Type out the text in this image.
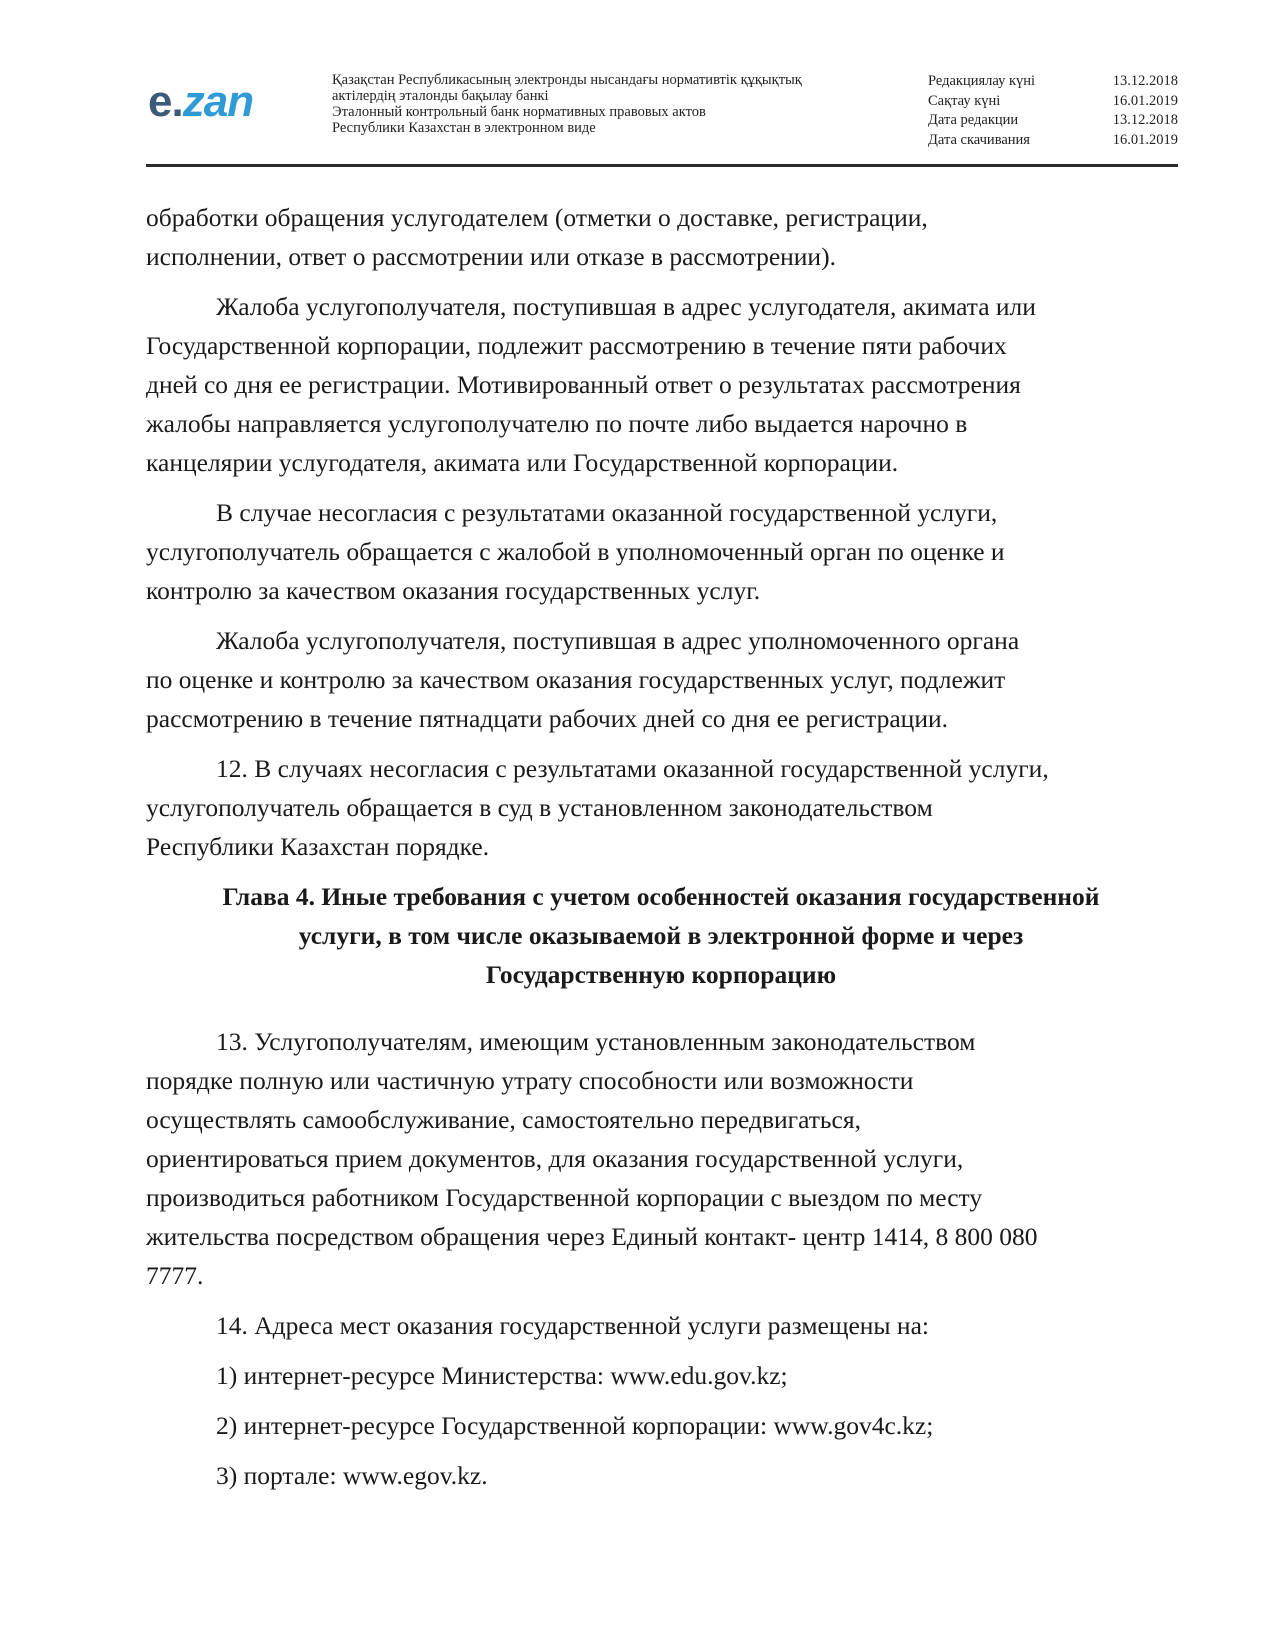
e.zan	Қазақстан Республикасының электронды нысандағы нормативтік құқықтық
актілердің эталонды бақылау банкі
Эталонный контрольный банк нормативных правовых актов
Республики Казахстан в электронном виде
Редакциялау күні	13.12.2018
Сақтау күні	16.01.2019
Дата редакции	13.12.2018
Дата скачивания	16.01.2019
обработки обращения услугодателем (отметки о доставке, регистрации,
исполнении, ответ о рассмотрении или отказе в рассмотрении).
Жалоба услугополучателя, поступившая в адрес услугодателя, акимата или
Государственной корпорации, подлежит рассмотрению в течение пяти рабочих
дней со дня ее регистрации. Мотивированный ответ о результатах рассмотрения
жалобы направляется услугополучателю по почте либо выдается нарочно в
канцелярии услугодателя, акимата или Государственной корпорации.
В случае несогласия с результатами оказанной государственной услуги,
услугополучатель обращается с жалобой в уполномоченный орган по оценке и
контролю за качеством оказания государственных услуг.
Жалоба услугополучателя, поступившая в адрес уполномоченного органа
по оценке и контролю за качеством оказания государственных услуг, подлежит
рассмотрению в течение пятнадцати рабочих дней со дня ее регистрации.
12. В случаях несогласия с результатами оказанной государственной услуги,
услугополучатель обращается в суд в установленном законодательством
Республики Казахстан порядке.
Глава 4. Иные требования с учетом особенностей оказания государственной
услуги, в том числе оказываемой в электронной форме и через
Государственную корпорацию
13. Услугополучателям, имеющим установленным законодательством
порядке полную или частичную утрату способности или возможности
осуществлять самообслуживание, самостоятельно передвигаться,
ориентироваться прием документов, для оказания государственной услуги,
производиться работником Государственной корпорации с выездом по месту
жительства посредством обращения через Единый контакт- центр 1414, 8 800 080
7777.
14. Адреса мест оказания государственной услуги размещены на:
1) интернет-ресурсе Министерства: www.edu.gov.kz;
2) интернет-ресурсе Государственной корпорации: www.gov4c.kz;
3) портале: www.egov.kz.
